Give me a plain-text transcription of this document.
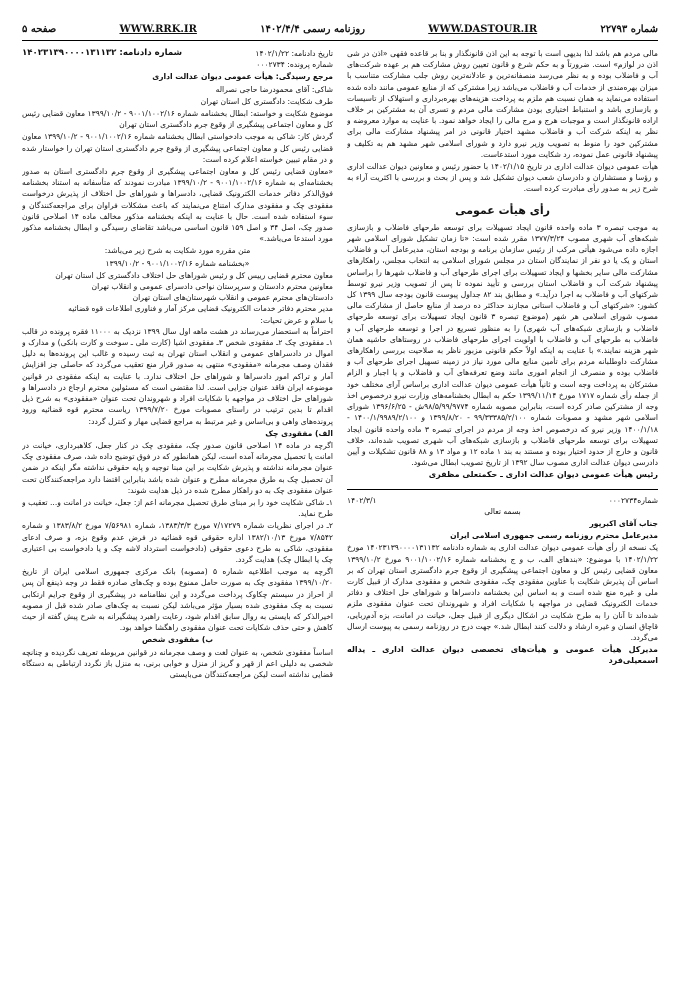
شماره ۲۲۷۹۳
WWW.DASTOUR.IR
روزنامه رسمی ۱۴۰۲/۴/۴
WWW.RRK.IR
صفحه ۵

مالی مردم هم باشد لذا بدیهی است با توجه به این اذن قانونگذار و بنا بر قاعده فقهی «اذن در شی اذن در لوازم» است. ضرورتاً و به حکم شرع و قانون تعیین روش مشارکت هم بر عهده شرکت‌های آب و فاضلاب بوده و به نظر می‌رسد منصفانه‌ترین و عادلانه‌ترین روش جلب مشارکت متناسب با میزان بهره‌مندی از خدمات آب و فاضلاب می‌باشد زیرا مشترکی که از منابع عمومی مانند داده شده استفاده می‌نماید به همان نسبت هم ملزم به پرداخت هزینه‌های بهره‌برداری و استهلاک از تاسیسات و بازسازی باشد و استنباط اختیاری بودن مشارکت مالی مردم و تسری آن به مشترکین بر خلاف اراده قانونگذار است و موجبات هرج و مرج مالی را ایجاد خواهد نمود. با عنایت به موارد معروضه و نظر به اینکه شرکت آب و فاضلاب مشهد اختیار قانونی در امر پیشنهاد مشارکت مالی برای مشترکین خود را منوط به تصویب وزیر نیرو دارد و شورای اسلامی شهر مشهد هم به تکلیف و پیشنهاد قانونی عمل نموده، رد شکایت مورد استدعاست.

هیأت عمومی دیوان عدالت اداری در تاریخ ۱۴۰۲/۱/۱۵ با حضور رئیس و معاونین دیوان عدالت اداری و رؤسا و مستشاران و دادرسان شعب دیوان تشکیل شد و پس از بحث و بررسی با اکثریت آراء به شرح زیر به صدور رأی مبادرت کرده است.

رأی هیأت عمومی

به موجب تبصره ۳ ماده واحده قانون ایجاد تسهیلات برای توسعه طرحهای فاضلاب و بازسازی شبکه‌های آب شهری مصوب ۱۳۷۷/۳/۲۴ مقرر شده است: «تا زمان تشکیل شورای اسلامی شهر اجازه داده می‌شود هیأتی مرکب از رئیس سازمان برنامه و بودجه استان، مدیرعامل آب و فاضلاب استان و یک یا دو نفر از نمایندگان استان در مجلس شورای اسلامی به انتخاب مجلس، راهکارهای مشارکت مالی سایر بخشها و ایجاد تسهیلات برای اجرای طرحهای آب و فاضلاب شهرها را براساس پیشنهاد شرکت آب و فاضلاب استان بررسی و تأیید نموده تا پس از تصویب وزیر نیرو توسط شرکتهای آب و فاضلاب به اجرا درآید.» و مطابق بند ۸۲ جداول پیوست قانون بودجه سال ۱۳۹۹ کل کشور: «شرکتهای آب و فاضلاب استانی مجازند حداکثر ده درصد از منابع حاصل از مشارکت مالی مصوب شورای اسلامی هر شهر (موضوع تبصره ۳ قانون ایجاد تسهیلات برای توسعه طرحهای فاضلاب و بازسازی شبکه‌های آب شهری) را به منظور تسریع در اجرا و توسعه طرحهای آب و فاضلاب به طرحهای آب و فاضلاب با اولویت اجرای طرحهای فاضلاب در روستاهای حاشیه همان شهر هزینه نمایند.» با عنایت به اینکه اولاً حکم قانونی مزبور ناظر به صلاحیت بررسی راهکارهای مشارکت داوطلبانه مردم برای تأمین منابع مالی مورد نیاز در زمینه تسهیل اجرای طرحهای آب و فاضلاب بوده و منصرف از انجام اموری مانند وضع تعرفه‌های آب و فاضلاب و یا اجبار و الزام مشترکان به پرداخت وجه است و ثانیاً هیأت عمومی دیوان عدالت اداری براساس آرای مختلف خود از جمله رأی شماره ۱۷۱۷ مورخ ۱۳۹۹/۱۱/۱۴ حکم به ابطال بخشنامه‌های وزارت نیرو درخصوص اخذ وجه از مشترکین صادر کرده است، بنابراین مصوبه شماره ۹۸/۵/۹۹/۹۷۷۴ش - ۱۳۹۶/۶/۲۵ شورای اسلامی شهر مشهد و مصوبات شماره ۹۹/۳۳۳۸۵/۲/۱۰۰ - ۱۳۹۹/۸/۲۰ و ۱۴۰۰/۱/۹۹۸۹/۲/۱۰۰ - ۱۴۰۰/۱/۱۸ وزیر نیرو که درخصوص اخذ وجه از مردم در اجرای تبصره ۳ ماده واحده قانون ایجاد تسهیلات برای توسعه طرحهای فاضلاب و بازسازی شبکه‌های آب شهری تصویب شده‌اند، خلاف قانون و خارج از حدود اختیار بوده و مستند به بند ۱ ماده ۱۲ و مواد ۱۳ و ۸۸ قانون تشکیلات و آیین دادرسی دیوان عدالت اداری مصوب سال ۱۳۹۲ از تاریخ تصویب ابطال می‌شود.

رئیس هیأت عمومی دیوان عدالت اداری ـ حکمتعلی مظفری

شماره۰۰۰۲۷۳۴
۱۴۰۲/۳/۱

بسمه تعالی

جناب آقای اکبرپور

مدیرعامل محترم روزنامه رسمی جمهوری اسلامی ایران

یک نسخه از رأی هیأت عمومی دیوان عدالت اداری به شماره دادنامه ۱۴۰۲۳۱۳۹۰۰۰۰۱۳۱۱۳۲ مورخ ۱۴۰۲/۱/۲۲ با موضوع: «بندهای الف، ب و ج بخشنامه شماره ۹۰۰۱/۱۰۰۲/۱۶ مورخ ۱۳۹۹/۱۰/۲ معاون قضایی رئیس کل و معاون اجتماعی پیشگیری از وقوع جرم دادگستری استان تهران که بر اساس آن پذیرش شکایت با عناوین مفقودی چک، مفقودی شخص و مفقودی مدارک از قبیل کارت ملی و غیره منع شده است و به اساس این بخشنامه دادسراها و شوراهای حل اختلاف و دفاتر خدمات الکترونیک قضایی در مواجهه با شکایات افراد و شهروندان تحت عنوان مفقودی ملزم شده‌اند تا آنان را به طرح شکایت در اشکال دیگری از قبیل جعل، خیانت در امانت، بزه آدم‌ربایی، قاچاق انسان و غیره ارشاد و دلالت کنند ابطال شد.» جهت درج در روزنامه رسمی به پیوست ارسال می‌گردد.

مدیرکل هیأت عمومی و هیأت‌های تخصصی دیوان عدالت اداری ـ یداله اسمعیلی‌فرد

تاریخ دادنامه: ۱۴۰۲/۱/۲۲
شماره دادنامه: ۱۴۰۲۳۱۳۹۰۰۰۰۱۳۱۱۳۲

شماره پرونده: ۰۰۰۲۷۳۴

مرجع رسیدگی: هیأت عمومی دیوان عدالت اداری

شاکی: آقای محمودرضا حاجی نصراله

طرف شکایت: دادگستری کل استان تهران

موضوع شکایت و خواسته: ابطال بخشنامه شماره ۹۰۰۱/۱۰۰۲/۱۶ - ۱۳۹۹/۱۰/۲ معاون قضایی رئیس کل و معاون اجتماعی پیشگیری از وقوع جرم دادگستری استان تهران

گردش کار: شاکی به موجب دادخواستی ابطال بخشنامه شماره ۹۰۰۱/۱۰۰۲/۱۶ - ۱۳۹۹/۱۰/۲ معاون قضایی رئیس کل و معاون اجتماعی پیشگیری از وقوع جرم دادگستری استان تهران را خواستار شده و در مقام تبیین خواسته اعلام کرده است:

«معاون قضایی رئیس کل و معاون اجتماعی پیشگیری از وقوع جرم دادگستری استان به صدور بخشنامه‌ای به شماره ۹۰۰۱/۱۰۰۲/۱۶ - ۱۳۹۹/۱۰/۲ مبادرت نمودند که متأسفانه به استناد بخشنامه فوق‌الذکر دفاتر خدمات الکترونیک قضایی، دادسراها و شوراهای حل اختلاف از پذیرش درخواست مفقودی چک و مفقودی مدارک امتناع می‌نمایند که باعث مشکلات فراوان برای مراجعه‌کنندگان و سوء استفاده شده است. حال با عنایت به اینکه بخشنامه مذکور مخالف ماده ۱۴ اصلاحی قانون صدور چک، اصل ۳۴ و اصل ۱۵۹ قانون اساسی می‌باشد تقاضای رسیدگی و ابطال بخشنامه مذکور مورد استدعا می‌باشد.»

متن مقرره مورد شکایت به شرح زیر می‌باشد:

«بخشنامه شماره ۹۰۰۱/۱۰۰۲/۱۶ - ۱۳۹۹/۱۰/۲

معاون محترم قضایی رییس کل و رئیس شوراهای حل اختلاف دادگستری کل استان تهران

معاونین محترم دادستان و سرپرستان نواحی دادسرای عمومی و انقلاب تهران

دادستان‌های محترم عمومی و انقلاب شهرستان‌های استان تهران

مدیر محترم دفاتر خدمات الکترونیک قضایی مرکز آمار و فناوری اطلاعات قوه قضائیه

با سلام و عرض تحیات:

احتراماً به استحضار می‌رساند در هشت ماهه اول سال ۱۳۹۹ نزدیک به ۱۱۰۰۰ فقره پرونده در قالب ۱ـ مفقودی چک ۲ـ مفقودی شخص ۳ـ مفقودی اشیا (کارت ملی ـ سوخت و کارت بانکی) و مدارک و اموال در دادسراهای عمومی و انقلاب استان تهران به ثبت رسیده و غالب این پرونده‌ها به دلیل فقدان وصف مجرمانه «مفقودی» منتهی به صدور قرار منع تعقیب می‌گردد که حاصلی جز افزایش آمار و تراکم امور دادسراها و شوراهای حل اختلاف ندارد. با عنایت به اینکه مفقودی در قوانین موضوعه ایران فاقد عنوان جزایی است. لذا مقتضی است که مسئولین محترم ارجاع در دادسراها و شوراهای حل اختلاف در مواجهه با شکایات افراد و شهروندان تحت عنوان «مفقودی» به شرح ذیل اقدام تا بدین ترتیب در راستای مصوبات مورخ ۱۳۹۹/۷/۲۰ ریاست محترم قوه قضائیه ورود پرونده‌های واهی و بی‌اساس و غیر مرتبط به مراجع قضایی مهار و کنترل گردد:

الف) مفقودی چک

اگرچه در ماده ۱۴ اصلاحی قانون صدور چک، مفقودی چک در کنار جعل، کلاهبرداری، خیانت در امانت یا تحصیل مجرمانه آمده است، لیکن همانطور که در فوق توضیح داده شد، صرف مفقودی چک عنوان مجرمانه نداشته و پذیرش شکایت بر این مبنا توجیه و پایه حقوقی نداشته مگر اینکه در ضمن آن تحصیل چک به طرق مجرمانه مطرح و عنوان شده باشد بنابراین اقتضا دارد مراجعه‌کنندگان تحت عنوان مفقودی چک به دو راهکار مطرح شده در ذیل هدایت شوند:

۱ـ شاکی شکایت خود را بر مبنای طرق تحصیل مجرمانه اعم از: جعل، خیانت در امانت و... تعقیب و طرح نماید.

۲ـ در اجرای نظریات شماره ۷/۱۷۲۷۹ مورخ ۱۳۸۳/۳/۳، شماره ۷/۵۶۹۸۱ مورخ ۱۳۸۳/۸/۲ و شماره ۷/۸۵۴۲ مورخ ۱۳۸۲/۱۰/۱۳ اداره حقوقی قوه قضائیه در فرض عدم وقوع بزه، و صرف ادعای مفقودی، شاکی به طرح دعوی حقوقی (دادخواست استرداد لاشه چک و یا دادخواست بی اعتباری چک یا ابطال چک) هدایت گردد.

اگرچه به موجب اطلاعیه شماره ۵ (مصوبه) بانک مرکزی جمهوری اسلامی ایران از تاریخ ۱۳۹۹/۱۰/۲۰ مفقودی چک به صورت حامل ممنوع بوده و چک‌های صادره فقط در وجه ذینفع آن پس از احراز در سیستم چکاوک پرداخت می‌گردد و این نظامنامه در پیشگیری از وقوع جرایم ارتکابی نسبت به چک مفقودی شده بسیار مؤثر می‌باشد لیکن نسبت به چک‌های صادر شده قبل از مصوبه اخیرالذکر که بایستی به روال سابق اقدام شود، رعایت راهبرد پیشگیرانه به شرح پیش گفته از حیث کاهش و حتی حذف شکایات تحت عنوان مفقودی راهگشا خواهد بود.

ب) مفقودی شخص

اساساً مفقودی شخص، به عنوان لغت و وصف مجرمانه در قوانین مربوطه تعریف نگردیده و چنانچه شخصی به دلیلی اعم از قهر و گریز از منزل و خوابی برنی، به منزل باز نگردد ارتباطی به دستگاه قضایی نداشته است لیکن مراجعه‌کنندگان می‌بایستی
